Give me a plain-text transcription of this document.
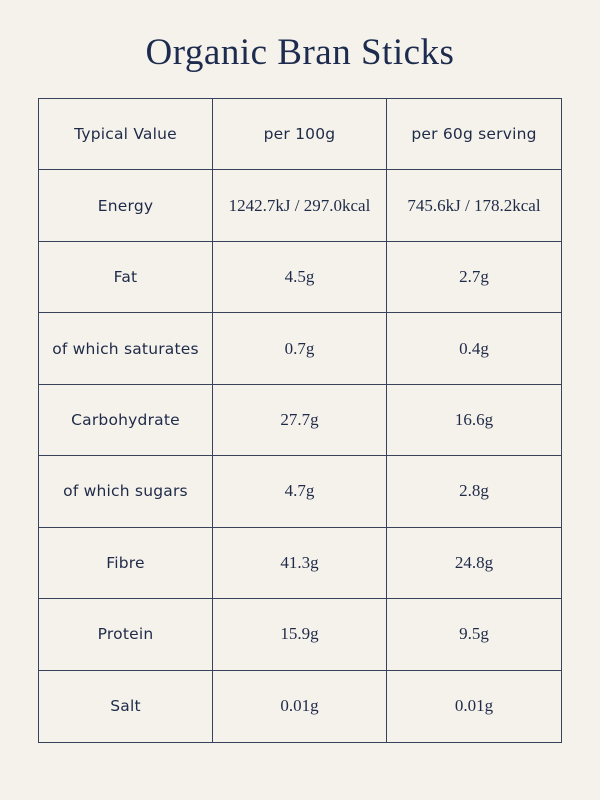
Organic Bran Sticks
Typical Value	per 100g	per 60g serving
Energy	1242.7kJ / 297.0kcal	745.6kJ / 178.2kcal
Fat	4.5g	2.7g
of which saturates	0.7g	0.4g
Carbohydrate	27.7g	16.6g
of which sugars	4.7g	2.8g
Fibre	41.3g	24.8g
Protein	15.9g	9.5g
Salt	0.01g	0.01g
